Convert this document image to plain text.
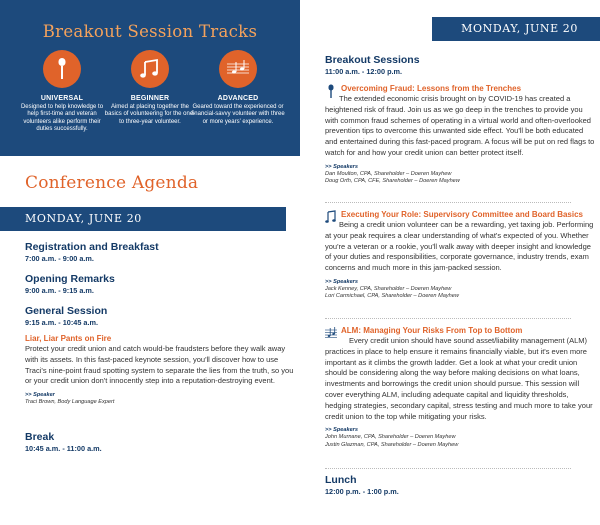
Breakout Session Tracks
UNIVERSAL
Designed to help knowledge to help first-time and veteran volunteers alike perform their duties successfully.
BEGINNER
Aimed at placing together the basics of volunteering for the one- to three-year volunteer.
ADVANCED
Geared toward the experienced or financial-savvy volunteer with three or more years' experience.
Conference Agenda
MONDAY, JUNE 20
Registration and Breakfast
7:00 a.m. - 9:00 a.m.
Opening Remarks
9:00 a.m. - 9:15 a.m.
General Session
9:15 a.m. - 10:45 a.m.
Liar, Liar Pants on Fire
Protect your credit union and catch would-be fraudsters before they walk away with its assets. In this fast-paced keynote session, you'll discover how to use Traci's nine-point fraud spotting system to separate the lies from the truth, so you or your credit union don't innocently step into a reputation-destroying event.
>> Speaker
Traci Brown, Body Language Expert
Break
10:45 a.m. - 11:00 a.m.
MONDAY, JUNE 20
Breakout Sessions
11:00 a.m. - 12:00 p.m.
Overcoming Fraud: Lessons from the Trenches
The extended economic crisis brought on by COVID-19 has created a heightened risk of fraud. Join us as we go deep in the trenches to provide you with common fraud schemes of operating in a virtual world and often-overlooked prevention tips to overcome this unwanted side effect. You'll be both educated and entertained during this fast-paced program. A focus will be put on red flags to watch for and how your credit union can better protect itself.
>> Speakers
Dan Moulton, CPA, Shareholder – Doeren Mayhew
Doug Orth, CPA, CFE, Shareholder – Doeren Mayhew
Executing Your Role: Supervisory Committee and Board Basics
Being a credit union volunteer can be a rewarding, yet taxing job. Performing at your peak requires a clear understanding of what's expected of you. Whether you're a veteran or a rookie, you'll walk away with deeper insight and knowledge of your duties and responsibilities, corporate governance, industry trends, exam concerns and much more in this jam-packed session.
>> Speakers
Jack Kenney, CPA, Shareholder – Doeren Mayhew
Lori Carmichael, CPA, Shareholder – Doeren Mayhew
ALM: Managing Your Risks From Top to Bottom
Every credit union should have sound asset/liability management (ALM) practices in place to help ensure it remains financially viable, but it's even more important as it climbs the growth ladder. Get a look at what your credit union should be considering along the way before making decisions on what loans, investments and borrowings the credit union should pursue. This session will cover everything ALM, including adequate capital and liquidity thresholds, hedging strategies, secondary capital, stress testing and much more to take your credit union to the top while mitigating your risks.
>> Speakers
John Murnane, CPA, Shareholder – Doeren Mayhew
Justin Glazman, CPA, Shareholder – Doeren Mayhew
Lunch
12:00 p.m. - 1:00 p.m.
